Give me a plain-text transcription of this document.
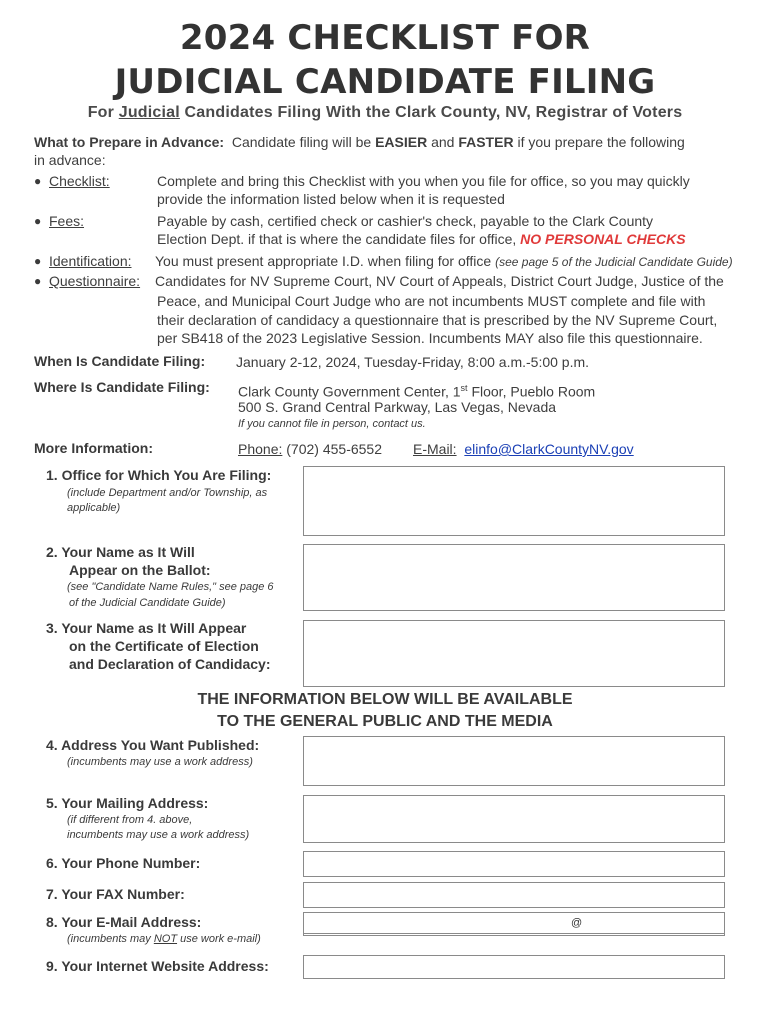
2024 CHECKLIST FOR
JUDICIAL CANDIDATE FILING
For Judicial Candidates Filing With the Clark County, NV, Registrar of Voters
What to Prepare in Advance: Candidate filing will be EASIER and FASTER if you prepare the following
in advance:
● Checklist:	Complete and bring this Checklist with you when you file for office, so you may quickly
provide the information listed below when it is requested
● Fees:	Payable by cash, certified check or cashier's check, payable to the Clark County
Election Dept. if that is where the candidate files for office, NO PERSONAL CHECKS
● Identification: You must present appropriate I.D. when filing for office (see page 5 of the Judicial Candidate Guide)
● Questionnaire: Candidates for NV Supreme Court, NV Court of Appeals, District Court Judge, Justice of the
Peace, and Municipal Court Judge who are not incumbents MUST complete and file with
their declaration of candidacy a questionnaire that is prescribed by the NV Supreme Court,
per SB418 of the 2023 Legislative Session. Incumbents MAY also file this questionnaire.
When Is Candidate Filing: January 2-12, 2024, Tuesday-Friday, 8:00 a.m.-5:00 p.m.
Where Is Candidate Filing: Clark County Government Center, 1st Floor, Pueblo Room
500 S. Grand Central Parkway, Las Vegas, Nevada
If you cannot file in person, contact us.
More Information:	Phone: (702) 455-6552 E-Mail: elinfo@ClarkCountyNV.gov
1. Office for Which You Are Filing:
(include Department and/or Township, as
applicable)
2. Your Name as It Will
Appear on the Ballot:
(see "Candidate Name Rules," see page 6
of the Judicial Candidate Guide)
3. Your Name as It Will Appear
on the Certificate of Election
and Declaration of Candidacy:
THE INFORMATION BELOW WILL BE AVAILABLE
TO THE GENERAL PUBLIC AND THE MEDIA
4. Address You Want Published:
(incumbents may use a work address)
5. Your Mailing Address:
(if different from 4. above,
incumbents may use a work address)
6. Your Phone Number:
7. Your FAX Number:
8. Your E-Mail Address:
(incumbents may NOT use work e-mail)
@
9. Your Internet Website Address:
